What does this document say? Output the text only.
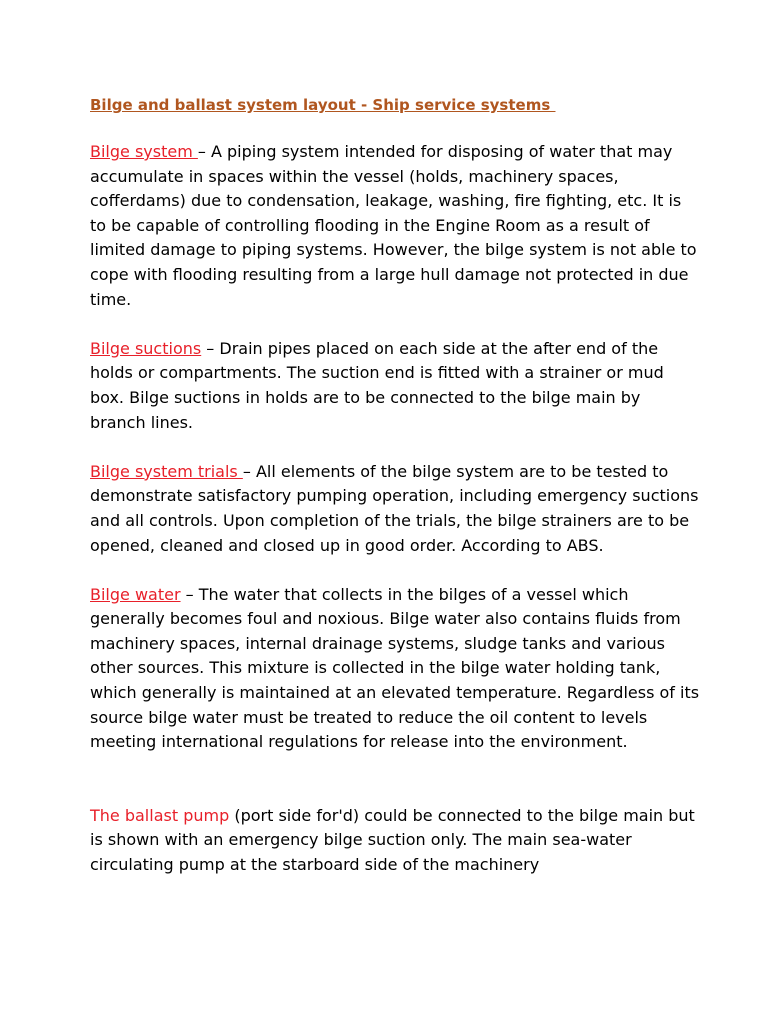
Bilge and ballast system layout - Ship service systems

Bilge system – A piping system intended for disposing of water that may accumulate in spaces within the vessel (holds, machinery spaces, cofferdams) due to condensation, leakage, washing, fire fighting, etc. It is to be capable of controlling flooding in the Engine Room as a result of limited damage to piping systems. However, the bilge system is not able to cope with flooding resulting from a large hull damage not protected in due time.

Bilge suctions – Drain pipes placed on each side at the after end of the holds or compartments. The suction end is fitted with a strainer or mud box. Bilge suctions in holds are to be connected to the bilge main by branch lines.

Bilge system trials – All elements of the bilge system are to be tested to demonstrate satisfactory pumping operation, including emergency suctions and all controls. Upon completion of the trials, the bilge strainers are to be opened, cleaned and closed up in good order. According to ABS.

Bilge water – The water that collects in the bilges of a vessel which generally becomes foul and noxious. Bilge water also contains fluids from machinery spaces, internal drainage systems, sludge tanks and various other sources. This mixture is collected in the bilge water holding tank, which generally is maintained at an elevated temperature. Regardless of its source bilge water must be treated to reduce the oil content to levels meeting international regulations for release into the environment.

The ballast pump (port side for'd) could be connected to the bilge main but is shown with an emergency bilge suction only. The main sea-water circulating pump at the starboard side of the machinery
